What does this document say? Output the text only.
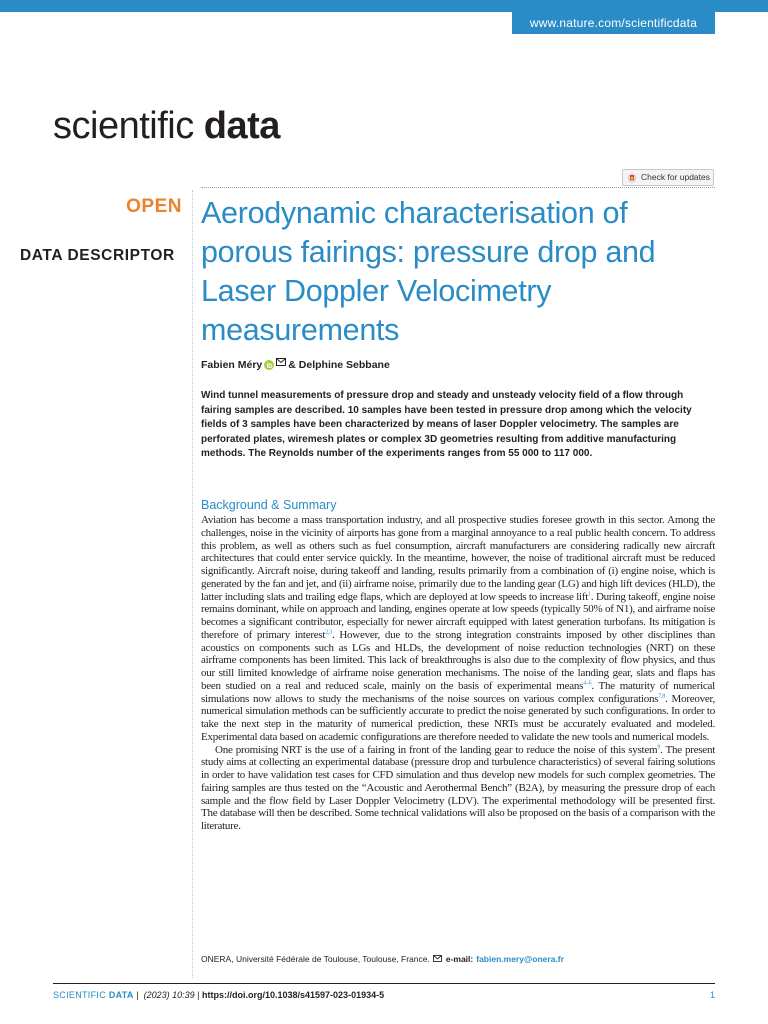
www.nature.com/scientificdata
scientific data
Check for updates
OPEN
DATA DESCRIPTOR
Aerodynamic characterisation of porous fairings: pressure drop and Laser Doppler Velocimetry measurements
Fabien Méry & Delphine Sebbane

Wind tunnel measurements of pressure drop and steady and unsteady velocity field of a flow through fairing samples are described. 10 samples have been tested in pressure drop among which the velocity fields of 3 samples have been characterized by means of laser Doppler velocimetry. The samples are perforated plates, wiremesh plates or complex 3D geometries resulting from additive manufacturing methods. The Reynolds number of the experiments ranges from 55 000 to 117 000.

Background & Summary

Aviation has become a mass transportation industry, and all prospective studies foresee growth in this sector. Among the challenges, noise in the vicinity of airports has gone from a marginal annoyance to a real public health concern. To address this problem, as well as others such as fuel consumption, aircraft manufacturers are considering radically new aircraft architectures that could enter service quickly. In the meantime, however, the noise of traditional aircraft must be reduced significantly. Aircraft noise, during takeoff and landing, results primarily from a combination of (i) engine noise, which is generated by the fan and jet, and (ii) airframe noise, primarily due to the landing gear (LG) and high lift devices (HLD), the latter including slats and trailing edge flaps, which are deployed at low speeds to increase lift$^1$. During takeoff, engine noise remains dominant, while on approach and landing, engines operate at low speeds (typically 50% of N1), and airframe noise becomes a significant contributor, especially for newer aircraft equipped with latest generation turbofans. Its mitigation is therefore of primary interest$^{2,3}$. However, due to the strong integration constraints imposed by other disciplines than acoustics on components such as LGs and HLDs, the development of noise reduction technologies (NRT) on these airframe components has been limited. This lack of breakthroughs is also due to the complexity of flow physics, and thus our still limited knowledge of airframe noise generation mechanisms. The noise of the landing gear, slats and flaps has been studied on a real and reduced scale, mainly on the basis of experimental means$^{4-6}$. The maturity of numerical simulations now allows to study the mechanisms of the noise sources on various complex configurations$^{7,8}$. Moreover, numerical simulation methods can be sufficiently accurate to predict the noise generated by such configurations. In order to take the next step in the maturity of numerical prediction, these NRTs must be accurately evaluated and modeled. Experimental data based on academic configurations are therefore needed to validate the new tools and numerical models.

One promising NRT is the use of a fairing in front of the landing gear to reduce the noise of this system$^9$. The present study aims at collecting an experimental database (pressure drop and turbulence characteristics) of several fairing solutions in order to have validation test cases for CFD simulation and thus develop new models for such complex geometries. The fairing samples are thus tested on the “Acoustic and Aerothermal Bench” (B2A), by measuring the pressure drop of each sample and the flow field by Laser Doppler Velocimetry (LDV). The experimental methodology will be presented first. The database will then be described. Some technical validations will also be proposed on the basis of a comparison with the literature.

ONERA, Université Fédérale de Toulouse, Toulouse, France. e-mail: fabien.mery@onera.fr
SCIENTIFIC DATA | (2023) 10:39 | https://doi.org/10.1038/s41597-023-01934-5	1
